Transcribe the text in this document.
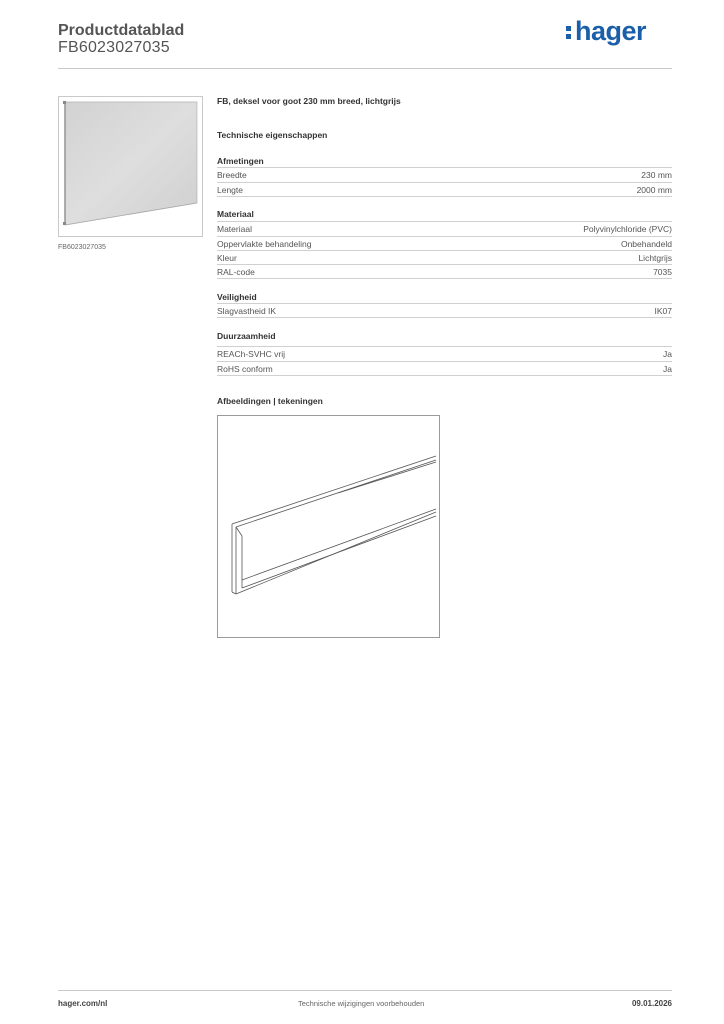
Productdatablad
FB6023027035
hager
FB6023027035
FB, deksel voor goot 230 mm breed, lichtgrijs
Technische eigenschappen
Afmetingen
Breedte	230 mm
Lengte	2000 mm
Materiaal
Materiaal	Polyvinylchloride (PVC)
Oppervlakte behandeling	Onbehandeld
Kleur	Lichtgrijs
RAL-code	7035
Veiligheid
Slagvastheid IK	IK07
Duurzaamheid
REACh-SVHC vrij	Ja
RoHS conform	Ja
Afbeeldingen | tekeningen
hager.com/nl	Technische wijzigingen voorbehouden	09.01.2026
